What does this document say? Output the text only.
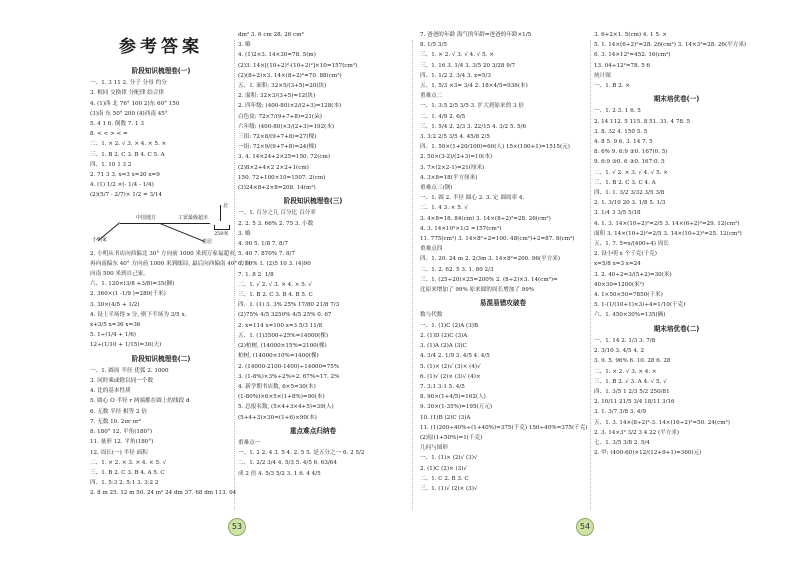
参考答案
阶段知识梳理卷(一)
一、1. 3 11 2. 分子 分母 约分
3. 相同 交换律 分配律 结合律
4. (1)西 北 76° 100 2)东 60° 150
(3)南 东 50° 200 (4)西南 45°
5. 4 1 6. 倒数 7. 1 3
8. < < > < =
二、1. × 2. √ 3. × 4. × 5. ×
三、1. B 2. C 3. B 4. C 5. A
四、1. 10 1 3 2
2. 71 3 3. x=3 x=20 x=9
4. (1) 1/2 ×(- 1/4 - 1/4)
(2)(5/7 - 2/7)× 1/2 = 3/14
中国地方	工贸最级超市
小明家	希居
北
250米
2. 小明从书店向西偏北 30° 方向前 1000 米到万家福超市,
再向南偏东 40° 方向前 1000 米到邮局, 最后向西偏南 40° 方向
向南 500 米到自己家。
六、1. 120×(3/8 +3/8)=35(捆)
2. 360×(1 -1/9 )=280(千米)
3. 30×(4/5 + 1/2)
4. 设上半场得 x 分, 则下半场为 3/5 x。
x+3/5 x=36 x=36
5. 1÷(1/4 + 1/6)
12÷(1/10 + 1/15)=30(天)
阶段知识梳理卷(二)
一、1. 圆周 半径 优弧 2. 1000
3. 同时乘或除以同一个数
4. 比的基本性质
5. 圆心 O 半径 r 两端都在圆上的线段 d
6. 无数 半径 相等 2 倍
7. 无数 10. 2πr πr²
8. 180° 12. 平角(180°)
11. 量形 12. 平角(180°)
12. 周长(一) 半径 面积
二、1. × 2. × 3. × 4. × 5. √
三、1. B 2. C 3. B 4. A 5. C
四、1. 5:3 2. 5:1 3. 3:2 2
2. 8 m 25. 12 m 50. 24 m² 24 dm 37. 68 dm 113. 04
dm² 3. 6 cm 28. 26 cm²
3. 略
4. (1)2×3. 14×30=78. 5(m)
(2)3. 14×[(10÷2)²-(10÷2)²]×10=157(cm²)
(2)(8÷2)×3. 14×(8÷2)²=70. 88(cm²)
五、1. 面积: 32×5/(3+5)=20(块)
2. 面积: 32×3/(3+5)=12(块)
2. 四年级: (400-80)×2/(2+3)=128(本)
白色皮: 72×7/(9+7+8)=21(朵)
六年级: (400-80)×3/(2+3)=192(本)
三组: 72×8/(9+7+8)=27(棵)
一组: 72×9/(9+7+8)=24(棵)
3. 4. 14×24+2×25=150. 72(cm)
(2)8×2+4×2 2×2+1(cm)
150. 72+100×10=1507. 2(cm)
(3)24×8+2×8=208. 14(m²)
阶段知识梳理卷(三)
一、1. 百分之几 百分比 百分率
2. 2. 5 3. 66% 2. 75 3. 小数
3. 略
4. 90 5. 1/8 7. 8/7
5. 40 7. 870% 7. 8/7
6. 10% 1. (2)5 10 3. (4)90
7. 1. 8 2. 1/8
二、1. √ 2. √ 3. × 4. × 5. √
三、1. B 2. C 3. B 4. B 5. C
四、1. (1) 3. 3% 25% 17/80 21/8 7/3
(2)75% 4/5 3250% 4/5 25% 0. 67
2. x=114 x=100 x=3 5/3 11/8
五、1. (1)3500÷25%=14000(棵)
(2)柏树, (14000×15%=2100(棵)
柏树, (14000×10%=1400(棵)
2. (14000-2100-1400)÷14000=75%
3. (1-8%)×3%÷2%≈2. 67%≈17. 2%
4. 新学期书店数, 6×5=30(本)
(1-80%)×6×5×(1+8%)=90(本)
5. 总报名数, (5×4+3×4+5)=39(人)
(5+4+3)×30=(1+6)×90(本)
重点难点归纳卷
重难点一
一、1. 2 2. 4 3. 5 4. 2. 5 5. 是五分之一 6. 2 5/2
二、1. 2/2 3/4 4. 5/3 5. 4/5 6. 63/64
成 2 倍 4. 5/3 5/2 3. 1 6. 4 4/5
7. 爸爸的年龄 海气的年龄=爸爸的年龄×1/5
8. 1/5 3/5
三、1. × 2. √ 3. √ 4. √ 5. ×
三、1. 16 3. 1/4 3. 3/5 20 3/28 9/7
四、1. 1/2 2. 3/4 3. x=5/3
五、1. 5/3 ×3= 3/4 2. 18×4/5=936(本)
重难点二
一、1. 3:5 2/5 3/5 3. 扩大到原来的 3 倍
二、1. 4/9 2. 6/5
三、1. 5/4 2. 2/3 3. 22/15 4. 3/2 5. 5/6
3. 3:2 2/5 3/5 4. 45/8 2/5
四、1. 50×(1+20/100)=60(人) 15×(100+1)=1515(元)
2. 50×(3-2)/(2+3)=10(本)
3. 7×(2×2-1)=21(厘米)
4. 3×8=18(平方厘米)
重难点三(钢)
一、1. 圆 2. 半径 圆心 2. 3. 定 圆周率 4.
二、1. 4 3. × 5. √
3. 4×8=18. 84(cm) 3. 14×(8÷2)²=28. 26(cm²)
4. 3. 14×10²×1/2 =157(cm²)
11. 775(cm²) 3. 14×8²÷2=100. 48(cm²)+2=87. 8(cm²)
重难点四
四、1. 20. 24 m 2. 2/3m 3. 14×8²=200. 96(平方米)
二、1. 2. 62. 5 3. 1. 80 2/3
三、1. (25÷20)×25=200% 2. (8÷2)×3. 14(cm²)=
比原来增加了 99% 原来圆的周长增加了 99%
易混易错攻破卷
数与代数
一、1. (1)C (2)A (3)B
2. (1)D (2)C (3)A
3. (1)A (2)A (3)C
4. 3/4 2. 1/9 3. 4/5 4. 4/5
5. (1)× (2)√ (3)× (4)√
6. (1)√ (2)× (3)√ (4)×
7. 3:1 3:1 5. 4/5
8. 90×(1+4/5)=162(人)
9. 30×(1-35%)=195(万元)
10. (1)B (2)C (3)A
11. (1)200÷40%÷(1+40%)=375(千克) 150÷40%=375(千克)
(2)原(1+50%)=1(千克)
几何与图形
一、1. (1)× (2)√ (3)√
2. (1)C (2)× (3)√
二、1. C 2. B 3. C
三、1. (1)√ (2)× (3)√
3. 6+2×1. 5(cm) 4. 1 5. ×
5. 1. 14×(6÷2)²=28. 26(cm²) 3. 14×3²=28. 26(平方米)
6. 3. 14×12²=452. 16(cm²)
13. 04÷12²=78. 5 6
统计图
一、1. B 2. ×
期末培优卷(一)
一、1. 2 3. 1 6. 5
2. 14 112. 5 115. 8 51. 31. 4 78. 5
3. 8. 32 4. 150 5. 5
4. 8 5. 9 6. 3. 14 7. 5
8. 6% 9. 6:9 ③0. 167(0. 5)
9. 6:9 ③0. 6 ③0. 167:0. 5
二、1. √ 2. × 3. √ 4. √ 5. ×
三、1. B 2. C 3. C 4. A
四、1. 1. 3/2 3/32 3/5 3/8
2. 1. 3/10 20 3. 1/8 5. 1/3
3. 1/4 3 3/5 5/18
4. 1. 3. 14×(10÷2)²=2/5 3. 14×(6÷2)²=29. 12(cm²)
面积 3. 14×(10÷2)²=2/5 3. 14×(10÷2)²=25. 12(cm²)
五、1. 7. 5=x/(400÷4) 周长
2. 设小明 x 个千克(千克)
x=5/8 x=3 x=24
3. 2. 40÷2=3/(5+2)=30(米)
40×30=1200(米²)
4. 1×50×50=7850(千米)
5. 1-(1/(10+1)×3)÷4=1/10(千克)
六、1. 450×30%=135(辆)
期末培优卷(二)
一、1. 14 2. 1/3 3. 7/8
2. 3/10 3. 4/5 4. 2
3. 9. 5. 96% 6. 10. 28 6. 28
二、1. × 2. √ 3. × 4. ×
三、1. B 2. √ 3. A 4. √ 5. √
四、1. 3/5 1 2/3 5/2 250/81
2. 10/11 21/5 3/4 18/11 3/16
3. 1. 3/7 3/8 3. 4/9
五、1. 3. 14×(8÷2)²-3. 14×(16÷2)²=50. 24(cm²)
2. 3. 14×3² 3/2 3 4 22 (平方米)
七、1. 3/5 3/8 2. 5/4
2. 甲: (400-60)×12/(12+9+1)=360(元)
53	54
